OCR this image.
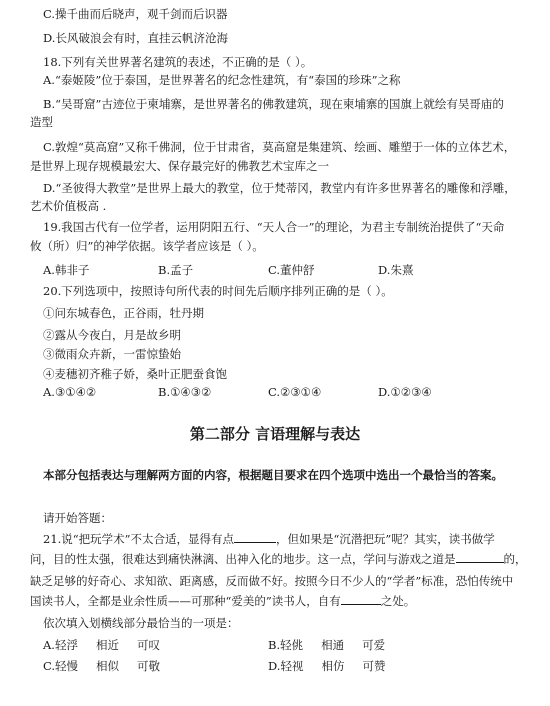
C.操千曲而后晓声，观千剑而后识器
D.长风破浪会有时，直挂云帆济沧海
18.下列有关世界著名建筑的表述，不正确的是（ ）。
A.“泰姬陵”位于泰国，是世界著名的纪念性建筑，有“泰国的珍珠”之称
B.“吴哥窟”古迹位于柬埔寨，是世界著名的佛教建筑，现在柬埔寨的国旗上就绘有吴哥庙的
造型
C.敦煌“莫高窟”又称千佛洞，位于甘肃省，莫高窟是集建筑、绘画、雕塑于一体的立体艺术，
是世界上现存规模最宏大、保存最完好的佛教艺术宝库之一
D.“圣彼得大教堂”是世界上最大的教堂，位于梵蒂冈，教堂内有许多世界著名的雕像和浮雕，
艺术价值极高 .
19.我国古代有一位学者，运用阴阳五行、“天人合一”的理论，为君主专制统治提供了“天命
攸（所）归”的神学依据。该学者应该是（ ）。
A.韩非子	B.孟子	C.董仲舒	D.朱熹
20.下列选项中，按照诗句所代表的时间先后顺序排列正确的是（ ）。
①问东城春色，正谷雨，牡丹期
②露从今夜白，月是故乡明
③微雨众卉新，一雷惊蛰始
④麦穗初齐稚子娇，桑叶正肥蚕食饱
A.③①④②	B.①④③②	C.②③①④	D.①②③④
第二部分 言语理解与表达
本部分包括表达与理解两方面的内容，根据题目要求在四个选项中选出一个最恰当的答案。
请开始答题：
21.说“把玩学术”不太合适，显得有点	，但如果是“沉潜把玩”呢？其实，读书做学
问，目的性太强，很难达到痛快淋漓、出神入化的地步。这一点，学问与游戏之道是	的，
缺乏足够的好奇心、求知欲、距离感，反而做不好。按照今日不少人的“学者”标准，恐怕传统中
国读书人，全都是业余性质——可那种“爱美的”读书人，自有	之处。
依次填入划横线部分最恰当的一项是：
A.轻浮 相近 可叹	B.轻佻 相通 可爱
C.轻慢 相似 可敬	D.轻视 相仿 可赞
